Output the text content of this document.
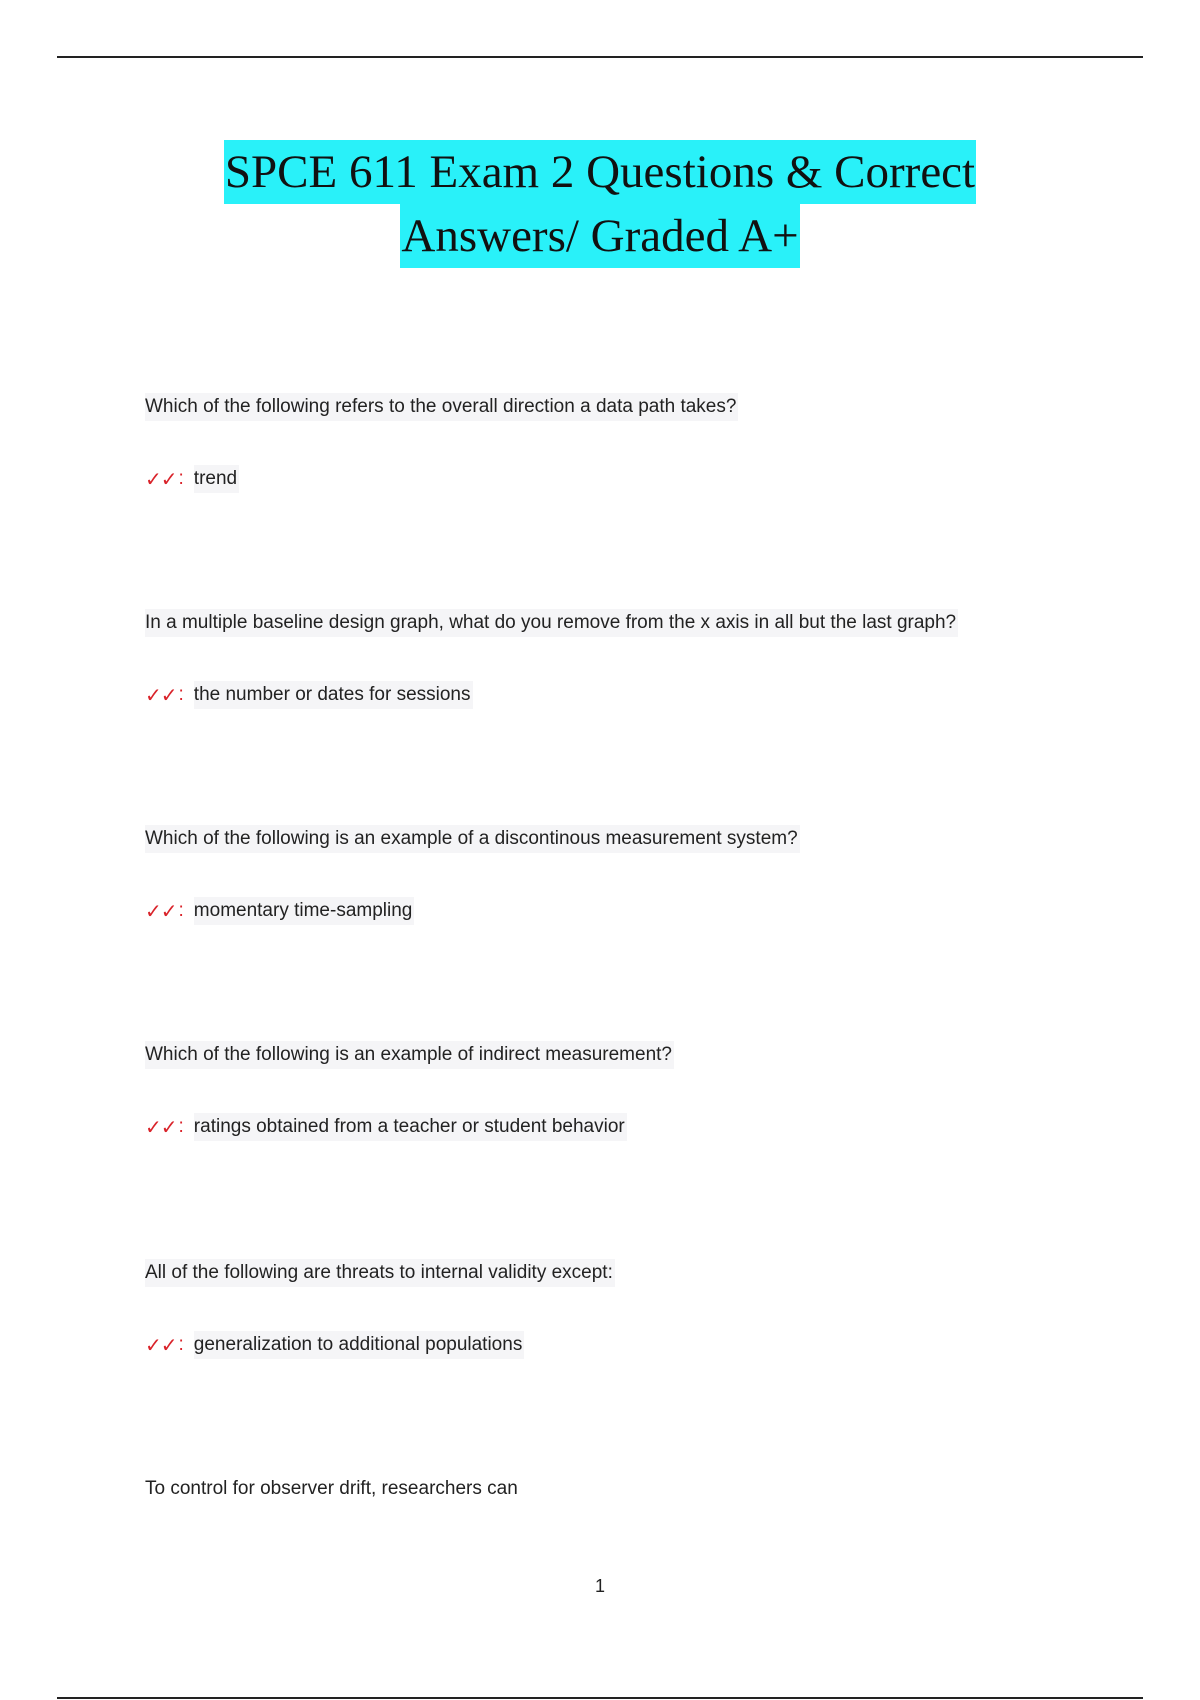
SPCE 611 Exam 2 Questions & Correct
Answers/ Graded A+
Which of the following refers to the overall direction a data path takes?
✓✓ : trend
In a multiple baseline design graph, what do you remove from the x axis in all but the last graph?
✓✓ : the number or dates for sessions
Which of the following is an example of a discontinous measurement system?
✓✓ : momentary time-sampling
Which of the following is an example of indirect measurement?
✓✓ : ratings obtained from a teacher or student behavior
All of the following are threats to internal validity except:
✓✓ : generalization to additional populations
To control for observer drift, researchers can
1
